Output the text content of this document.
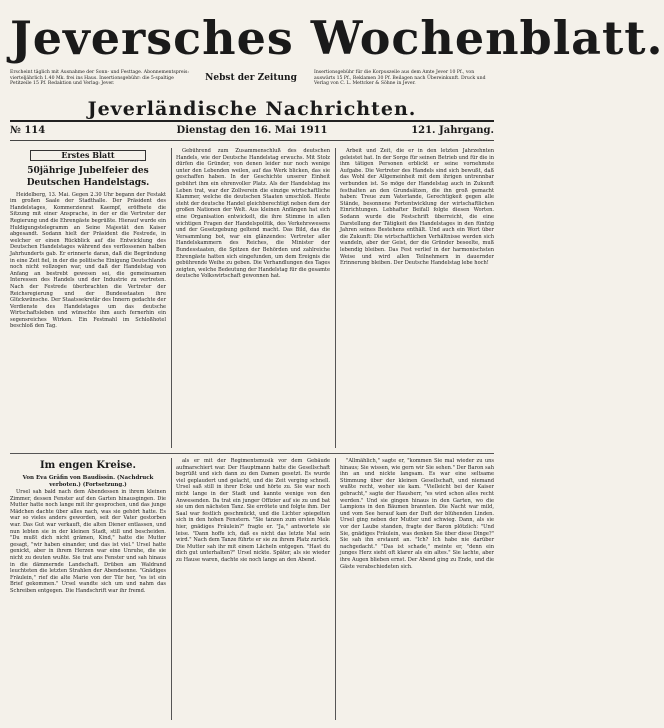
Jeversches Wochenblatt.
Erscheint täglich mit Ausnahme der Sonn- und Festtage. Abonnementspreis: vierteljährlich 1.40 Mk. frei ins Haus. Insertionsgebühr: die 5-spaltige Petitzeile 15 Pf. Redaktion und Verlag: Jever.
Nebst der Zeitung
Insertionsgebühr für die Korpuszeile aus dem Amte Jever 10 Pf., von auswärts 15 Pf., Reklamen 30 Pf. Beilagen nach Übereinkunft. Druck und Verlag von C. L. Mettcker & Söhne in Jever.
Jeverländische Nachrichten.
№ 114	Dienstag den 16. Mai 1911	121. Jahrgang.
Erstes Blatt
50jährige Jubelfeier des Deutschen Handelstags.

Heidelberg, 13. Mai. Gegen 2.30 Uhr begann der Festakt im großen Saale der Stadthalle. Der Präsident des Handelstages, Kommerzienrat Kaempf, eröffnete die Sitzung mit einer Ansprache, in der er die Vertreter der Regierung und die Ehrengäste begrüßte. Hierauf wurde ein Huldigungstelegramm an Seine Majestät den Kaiser abgesandt. Sodann hielt der Präsident die Festrede, in welcher er einen Rückblick auf die Entwicklung des Deutschen Handelstages während des verflossenen halben Jahrhunderts gab. Er erinnerte daran, daß die Begründung in eine Zeit fiel, in der die politische Einigung Deutschlands noch nicht vollzogen war, und daß der Handelstag von Anfang an bestrebt gewesen sei, die gemeinsamen Interessen des Handels und der Industrie zu vertreten. Nach der Festrede überbrachten die Vertreter der Reichsregierung und der Bundesstaaten ihre Glückwünsche. Der Staatssekretär des Innern gedachte der Verdienste des Handelstages um das deutsche Wirtschaftsleben und wünschte ihm auch fernerhin ein segensreiches Wirken. Ein Festmahl im Schloßhotel beschloß den Tag.

Gebührend zum Zusammenschluß des deutschen Handels, wie der Deutsche Handelstag erwuchs. Mit Stolz dürfen die Gründer, von denen leider nur noch wenige unter den Lebenden weilen, auf das Werk blicken, das sie geschaffen haben. In der Geschichte unserer Einheit gebührt ihm ein ehrenvoller Platz. Als der Handelstag ins Leben trat, war der Zollverein die einzige wirtschaftliche Klammer, welche die deutschen Staaten umschloß. Heute steht der deutsche Handel gleichberechtigt neben dem der großen Nationen der Welt. Aus kleinen Anfängen hat sich eine Organisation entwickelt, die ihre Stimme in allen wichtigen Fragen der Handelspolitik, des Verkehrswesens und der Gesetzgebung geltend macht. Das Bild, das die Versammlung bot, war ein glänzendes: Vertreter aller Handelskammern des Reiches, die Minister der Bundesstaaten, die Spitzen der Behörden und zahlreiche Ehrengäste hatten sich eingefunden, um dem Ereignis die gebührende Weihe zu geben. Die Verhandlungen des Tages zeigten, welche Bedeutung der Handelstag für die gesamte deutsche Volkswirtschaft gewonnen hat.

Arbeit und Zeit, die er in den letzten Jahrzehnten geleistet hat. In der Sorge für seinen Betrieb und für die in ihm tätigen Personen erblickt er seine vornehmste Aufgabe. Die Vertreter des Handels sind sich bewußt, daß das Wohl der Allgemeinheit mit dem ihrigen untrennbar verbunden ist. So möge der Handelstag auch in Zukunft festhalten an den Grundsätzen, die ihn groß gemacht haben: Treue zum Vaterlande, Gerechtigkeit gegen alle Stände, besonnene Fortentwicklung der wirtschaftlichen Einrichtungen. Lebhafter Beifall folgte diesen Worten. Sodann wurde die Festschrift überreicht, die eine Darstellung der Tätigkeit des Handelstages in den fünfzig Jahren seines Bestehens enthält. Und auch ein Wort über die Zukunft: Die wirtschaftlichen Verhältnisse werden sich wandeln, aber der Geist, der die Gründer beseelte, muß lebendig bleiben. Das Fest verlief in der harmonischsten Weise und wird allen Teilnehmern in dauernder Erinnerung bleiben. Der Deutsche Handelstag lebe hoch!

Im engen Kreise.
Von Eva Gräfin von Baudissin. (Nachdruck verboten.) (Fortsetzung.)

Ursel sah bald nach dem Abendessen in ihrem kleinen Zimmer, dessen Fenster auf den Garten hinausgingen. Die Mutter hatte noch lange mit ihr gesprochen, und das junge Mädchen dachte über alles nach, was sie gehört hatte. Es war so vieles anders geworden, seit der Vater gestorben war. Das Gut war verkauft, die alten Diener entlassen, und nun lebten sie in der kleinen Stadt, still und bescheiden. "Du mußt dich nicht grämen, Kind," hatte die Mutter gesagt, "wir haben einander, und das ist viel." Ursel hatte genickt, aber in ihrem Herzen war eine Unruhe, die sie nicht zu deuten wußte. Sie trat ans Fenster und sah hinaus in die dämmernde Landschaft. Drüben am Waldrand leuchteten die letzten Strahlen der Abendsonne. "Gnädiges Fräulein," rief die alte Marie von der Tür her, "es ist ein Brief gekommen." Ursel wandte sich um und nahm das Schreiben entgegen. Die Handschrift war ihr fremd.

als er mit der Regimentsmusik vor dem Gebäude aufmarschiert war. Der Hauptmann hatte die Gesellschaft begrüßt und sich dann zu den Damen gesetzt. Es wurde viel geplaudert und gelacht, und die Zeit verging schnell. Ursel saß still in ihrer Ecke und hörte zu. Sie war noch nicht lange in der Stadt und kannte wenige von den Anwesenden. Da trat ein junger Offizier auf sie zu und bat sie um den nächsten Tanz. Sie errötete und folgte ihm. Der Saal war festlich geschmückt, und die Lichter spiegelten sich in den hohen Fenstern. "Sie tanzen zum ersten Male hier, gnädiges Fräulein?" fragte er. "Ja," antwortete sie leise. "Dann hoffe ich, daß es nicht das letzte Mal sein wird." Nach dem Tanze führte er sie zu ihrem Platz zurück. Die Mutter sah ihr mit einem Lächeln entgegen. "Hast du dich gut unterhalten?" Ursel nickte. Später, als sie wieder zu Hause waren, dachte sie noch lange an den Abend.

"Allmählich," sagte er, "kommen Sie mal wieder zu uns hinaus; Sie wissen, wie gern wir Sie sehen." Der Baron sah ihn an und nickte langsam. Es war eine seltsame Stimmung über der kleinen Gesellschaft, und niemand wußte recht, woher sie kam. "Vielleicht bei der Kaiser gebracht," sagte der Hausherr, "es wird schon alles recht werden." Und sie gingen hinaus in den Garten, wo die Lampions in den Bäumen brannten. Die Nacht war mild, und vom See herauf kam der Duft der blühenden Linden. Ursel ging neben der Mutter und schwieg. Dann, als sie vor der Laube standen, fragte der Baron plötzlich: "Und Sie, gnädiges Fräulein, was denken Sie über diese Dinge?" Sie sah ihn erstaunt an. "Ich? Ich habe nie darüber nachgedacht." "Das ist schade," meinte er, "denn ein junges Herz sieht oft klarer als ein altes." Sie lachte, aber ihre Augen blieben ernst. Der Abend ging zu Ende, und die Gäste verabschiedeten sich.
